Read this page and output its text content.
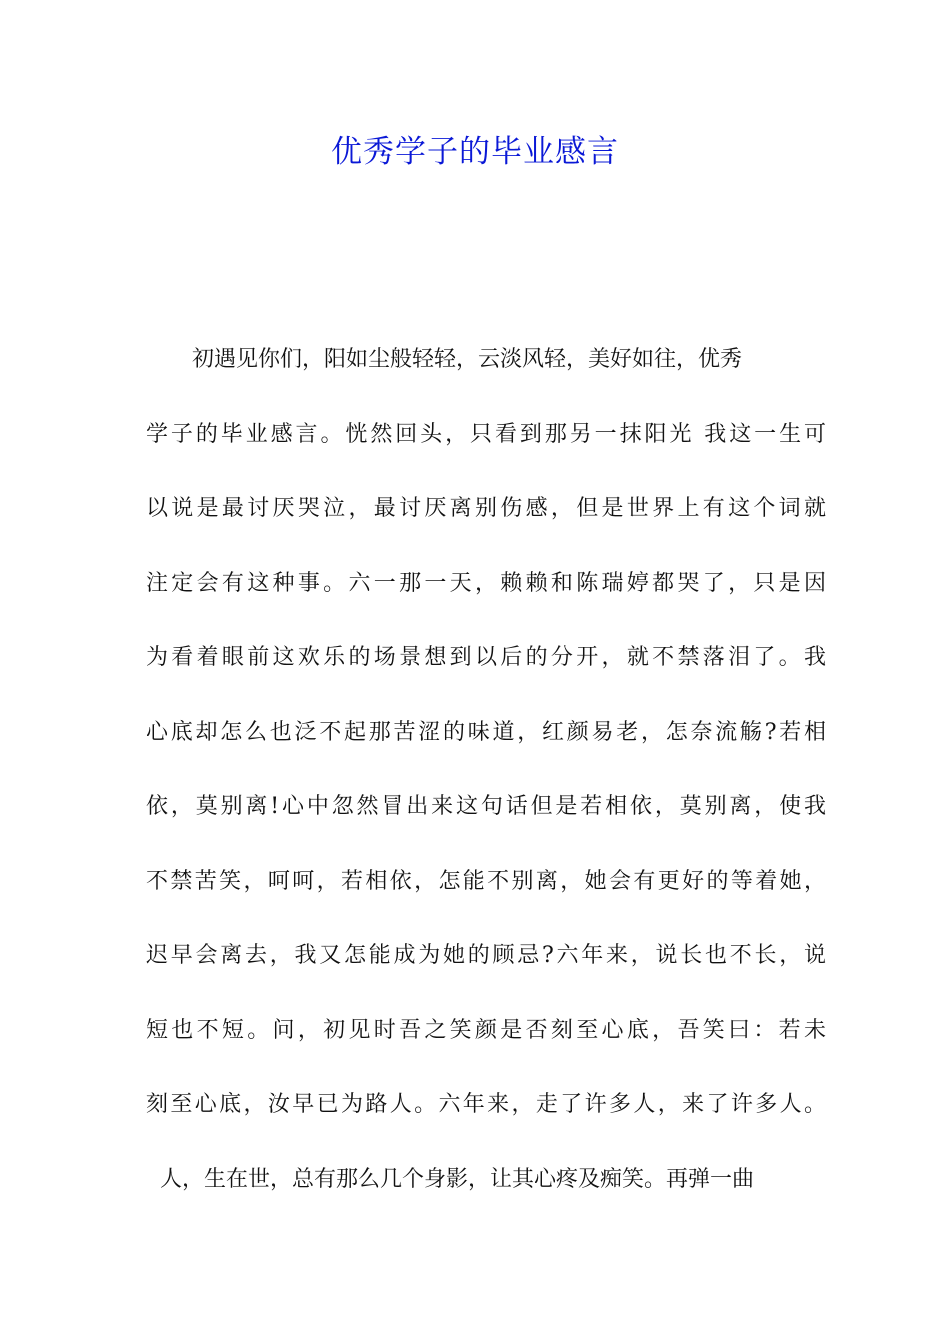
优秀学子的毕业感言
初遇见你们，阳如尘般轻轻，云淡风轻，美好如往，优秀
学子的毕业感言。恍然回头，只看到那另一抹阳光 我这一生可
以说是最讨厌哭泣，最讨厌离别伤感，但是世界上有这个词就
注定会有这种事。六一那一天，赖赖和陈瑞婷都哭了，只是因
为看着眼前这欢乐的场景想到以后的分开，就不禁落泪了。我
心底却怎么也泛不起那苦涩的味道，红颜易老，怎奈流觞?若相
依，莫别离!心中忽然冒出来这句话但是若相依，莫别离，使我
不禁苦笑，呵呵，若相依，怎能不别离，她会有更好的等着她，
迟早会离去，我又怎能成为她的顾忌?六年来，说长也不长，说
短也不短。问，初见时吾之笑颜是否刻至心底，吾笑曰：若未
刻至心底，汝早已为路人。六年来，走了许多人，来了许多人。
人，生在世，总有那么几个身影，让其心疼及痴笑。再弹一曲
